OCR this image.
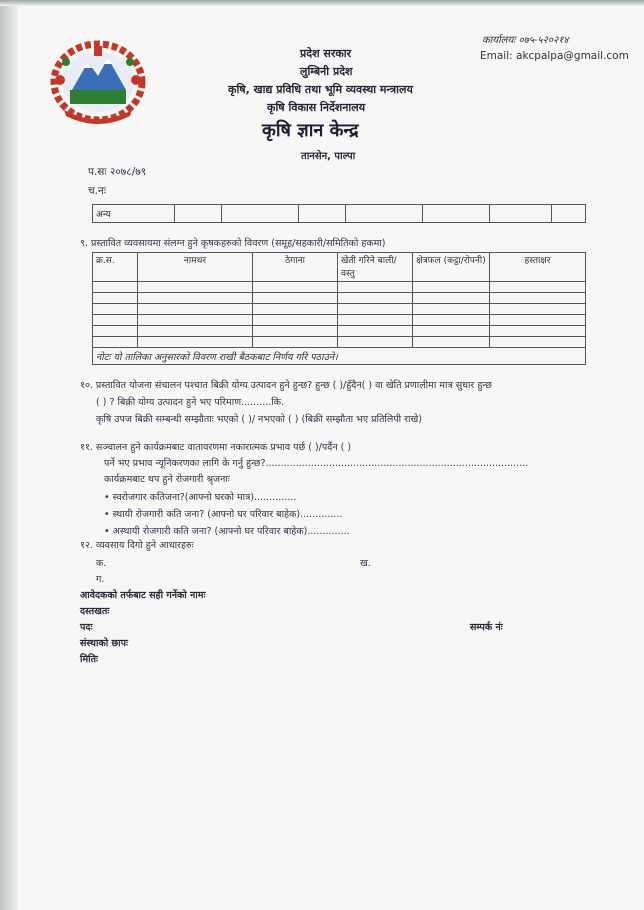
कार्यालयः ०७५-५२०२१४
Email: akcpalpa@gmail.com
प्रदेश सरकार
लुम्बिनी प्रदेश
कृषि, खाद्य प्रविधि तथा भूमि व्यवस्था मन्त्रालय
कृषि विकास निर्देशनालय
कृषि ज्ञान केन्द्र
तानसेन, पाल्पा
प.सः २०७८/७९
च.नः
अन्य							
९. प्रस्तावित व्यवसायमा संलग्न हुने कृषकहरुको विवरण (समूह/सहकारी/समितिको हकमा)
क्र.स.	नामथर	ठेगाना	खेती गरिने बाली/वस्तु	क्षेत्रफल (कट्ठा/रोपनी)	हस्ताक्षर

नोटः यो तालिका अनुसारको विवरण राखी बैठकबाट निर्णय गरि पठाउने।					
१०. प्रस्तावित योजना संचालन पश्चात बिक्री योग्य उत्पादन हुने हुन्छ? हुन्छ ( )/हुँदैन( ) वा खेति प्रणालीमा मात्र सुधार हुन्छ
( ) ? बिक्री योग्य उत्पादन हुने भए परिमाण..........कि.
कृषि उपज बिक्री सम्बन्धी सम्झौताः भएको ( )/ नभएको ( ) (बिक्री सम्झौता भए प्रतिलिपी राखे)
११. सञ्चालन हुने कार्यक्रमबाट वातावरणमा नकारात्मक प्रभाव पर्छ ( )/पर्दैन ( )
पर्ने भए प्रभाव न्यूनिकरणका लागि के गर्नु हुन्छ?.......................................................................................
कार्यक्रमबाट थप हुने रोजगारी श्रृजनाः
• स्वरोजगार कतिजना?(आफ्नो घरको मात्र)..............
• स्थायी रोजगारी कति जना? (आफ्नो घर परिवार बाहेक)..............
• अस्थायी रोजगारी कति जना? (आफ्नो घर परिवार बाहेक)..............
१२. व्यवसाय दिगो हुने आधारहरुः
क.	ख.
ग.
आवेदकको तर्फबाट सही गर्नेको नामः
दस्तखतः
पदः	सम्पर्क नंः
संस्थाको छापः
मितिः
